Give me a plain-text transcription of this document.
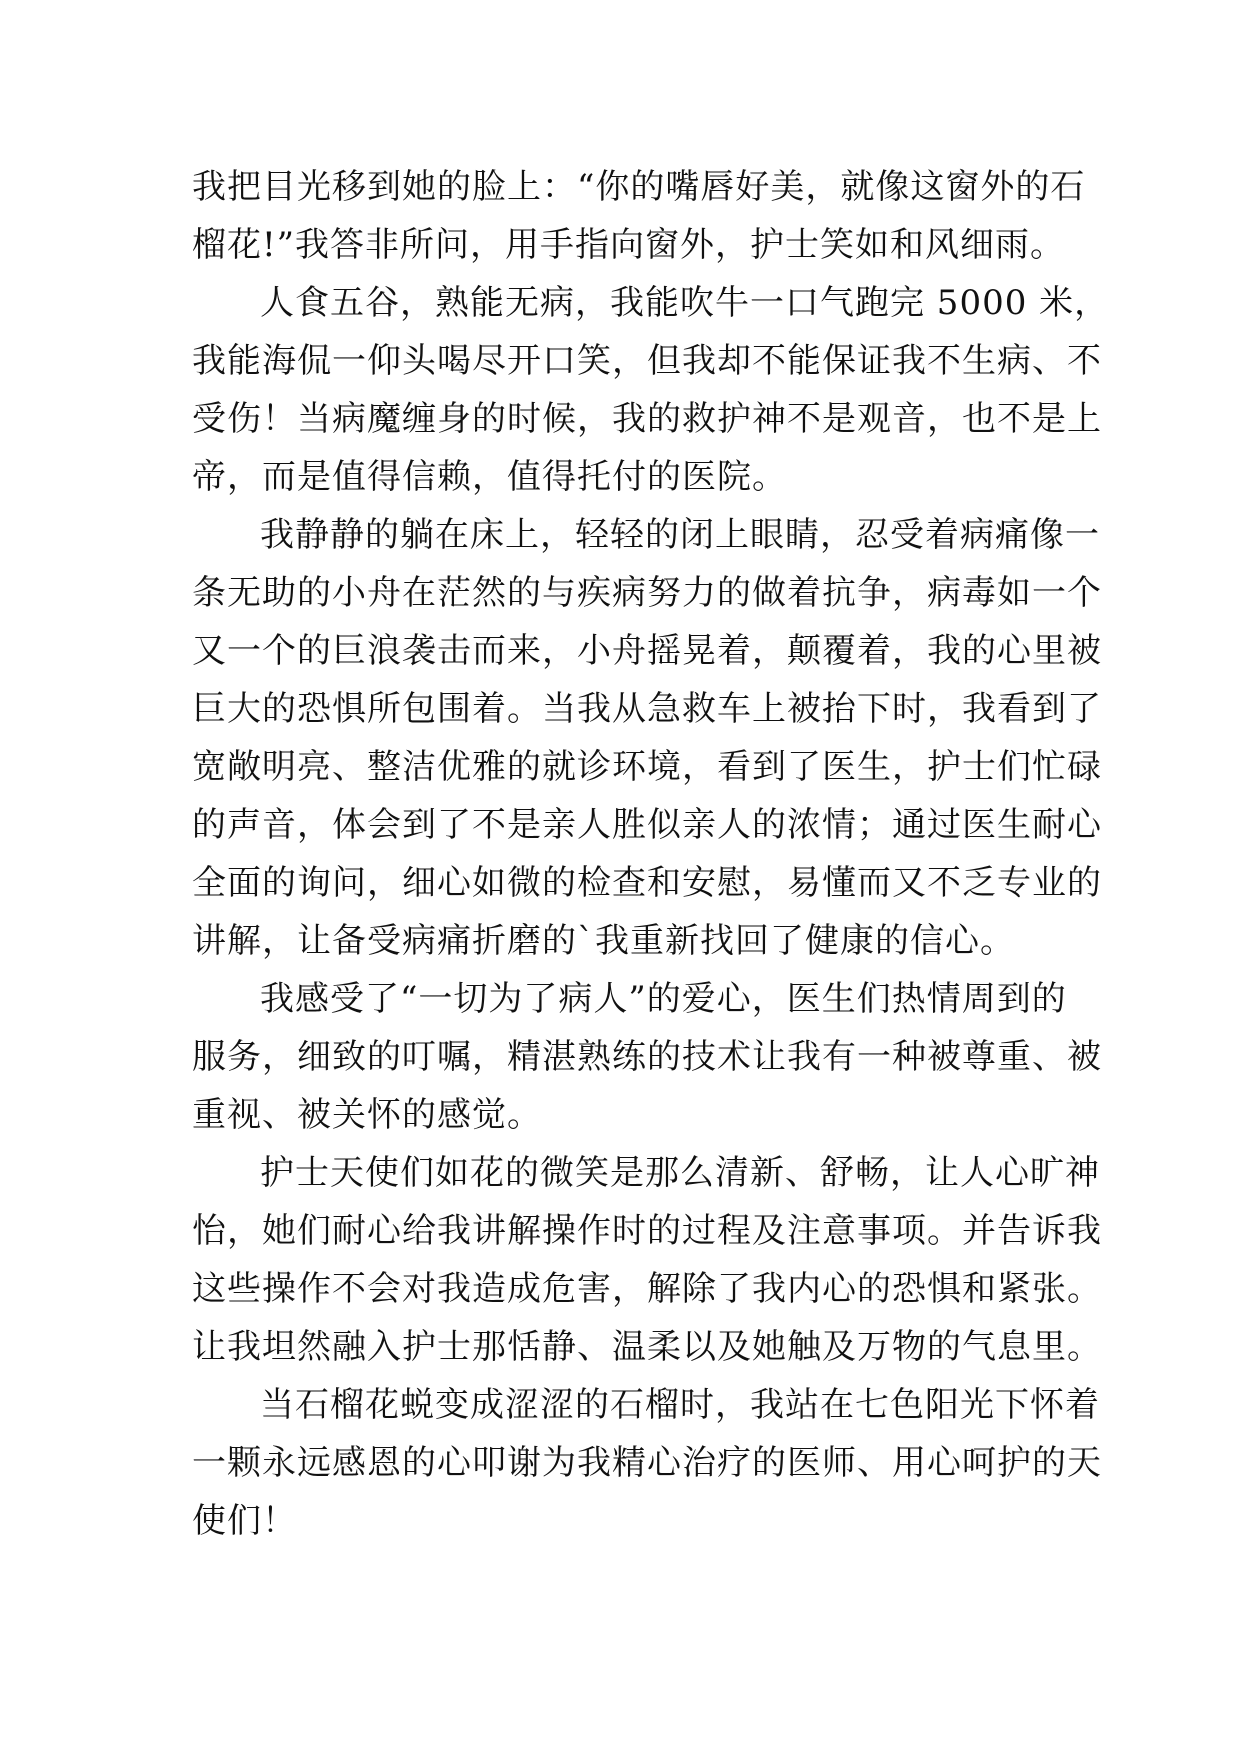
我把目光移到她的脸上：“你的嘴唇好美，就像这窗外的石
榴花!”我答非所问，用手指向窗外，护士笑如和风细雨。
人食五谷，熟能无病，我能吹牛一口气跑完 5000 米，
我能海侃一仰头喝尽开口笑，但我却不能保证我不生病、不
受伤！当病魔缠身的时候，我的救护神不是观音，也不是上
帝，而是值得信赖，值得托付的医院。
我静静的躺在床上，轻轻的闭上眼睛，忍受着病痛像一
条无助的小舟在茫然的与疾病努力的做着抗争，病毒如一个
又一个的巨浪袭击而来，小舟摇晃着，颠覆着，我的心里被
巨大的恐惧所包围着。当我从急救车上被抬下时，我看到了
宽敞明亮、整洁优雅的就诊环境，看到了医生，护士们忙碌
的声音，体会到了不是亲人胜似亲人的浓情；通过医生耐心
全面的询问，细心如微的检查和安慰，易懂而又不乏专业的
讲解，让备受病痛折磨的`我重新找回了健康的信心。
我感受了“一切为了病人”的爱心，医生们热情周到的
服务，细致的叮嘱，精湛熟练的技术让我有一种被尊重、被
重视、被关怀的感觉。
护士天使们如花的微笑是那么清新、舒畅，让人心旷神
怡，她们耐心给我讲解操作时的过程及注意事项。并告诉我
这些操作不会对我造成危害，解除了我内心的恐惧和紧张。
让我坦然融入护士那恬静、温柔以及她触及万物的气息里。
当石榴花蜕变成涩涩的石榴时，我站在七色阳光下怀着
一颗永远感恩的心叩谢为我精心治疗的医师、用心呵护的天
使们！
